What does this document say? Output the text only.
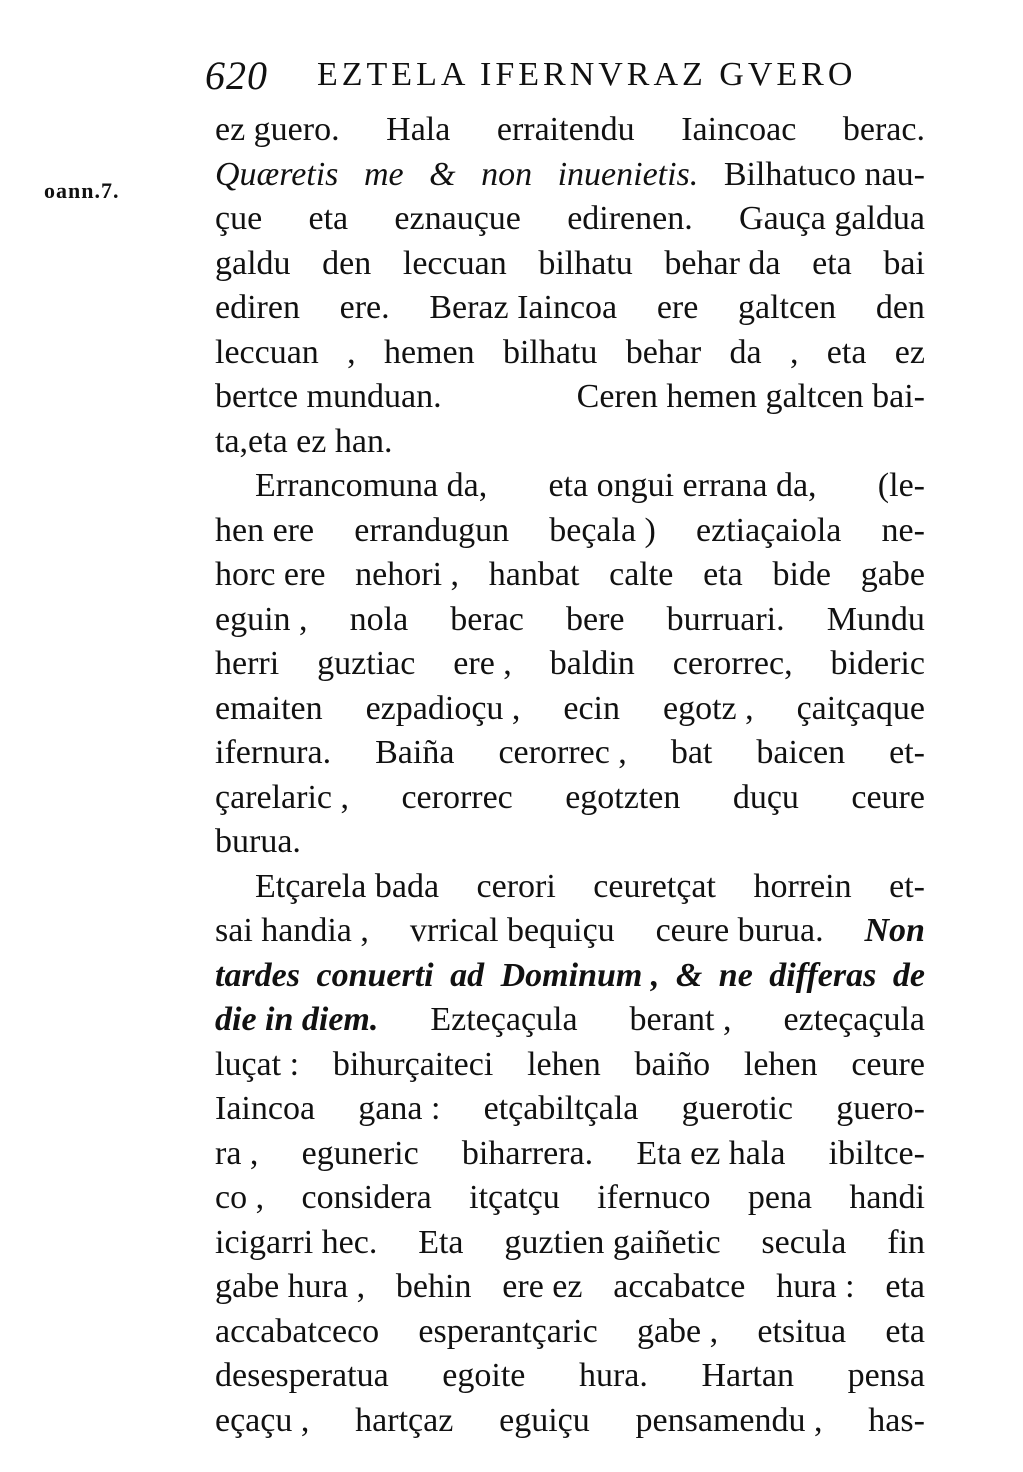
620 EZTELA IFERNVRAZ GVERO
oann.7.
ez guero. Hala erraitendu Iaincoac berac.
Quæretis me & non inuenietis. Bilhatuco nau-
çue eta eznauçue edirenen. Gauça galdua
galdu den leccuan bilhatu behar da eta bai
ediren ere. Beraz Iaincoa ere galtcen den
leccuan , hemen bilhatu behar da , eta ez
bertce munduan.	Ceren hemen galtcen bai-
ta,eta ez han.
Errancomuna da, eta ongui errana da, (le-
hen ere errandugun beçala ) eztiaçaiola ne-
horc ere nehori , hanbat calte eta bide gabe
eguin , nola berac bere burruari. Mundu
herri guztiac ere , baldin cerorrec, bideric
emaiten ezpadioçu , ecin egotz , çaitçaque
ifernura. Baiña cerorrec , bat baicen et-
çarelaric , cerorrec egotzten duçu ceure
burua.
Etçarela bada cerori ceuretçat horrein et-
sai handia , vrrical bequiçu ceure burua. Non
tardes conuerti ad Dominum , & ne differas de
die in diem. Ezteçaçula berant , ezteçaçula
luçat : bihurçaiteci lehen baiño lehen ceure
Iaincoa gana : etçabiltçala guerotic guero-
ra , eguneric biharrera. Eta ez hala ibiltce-
co , considera itçatçu ifernuco pena handi
icigarri hec. Eta guztien gaiñetic secula fin
gabe hura , behin ere ez accabatce hura : eta
accabatceco esperantçaric gabe , etsitua eta
desesperatua egoite hura. Hartan pensa
eçaçu , hartçaz eguiçu pensamendu , has-
